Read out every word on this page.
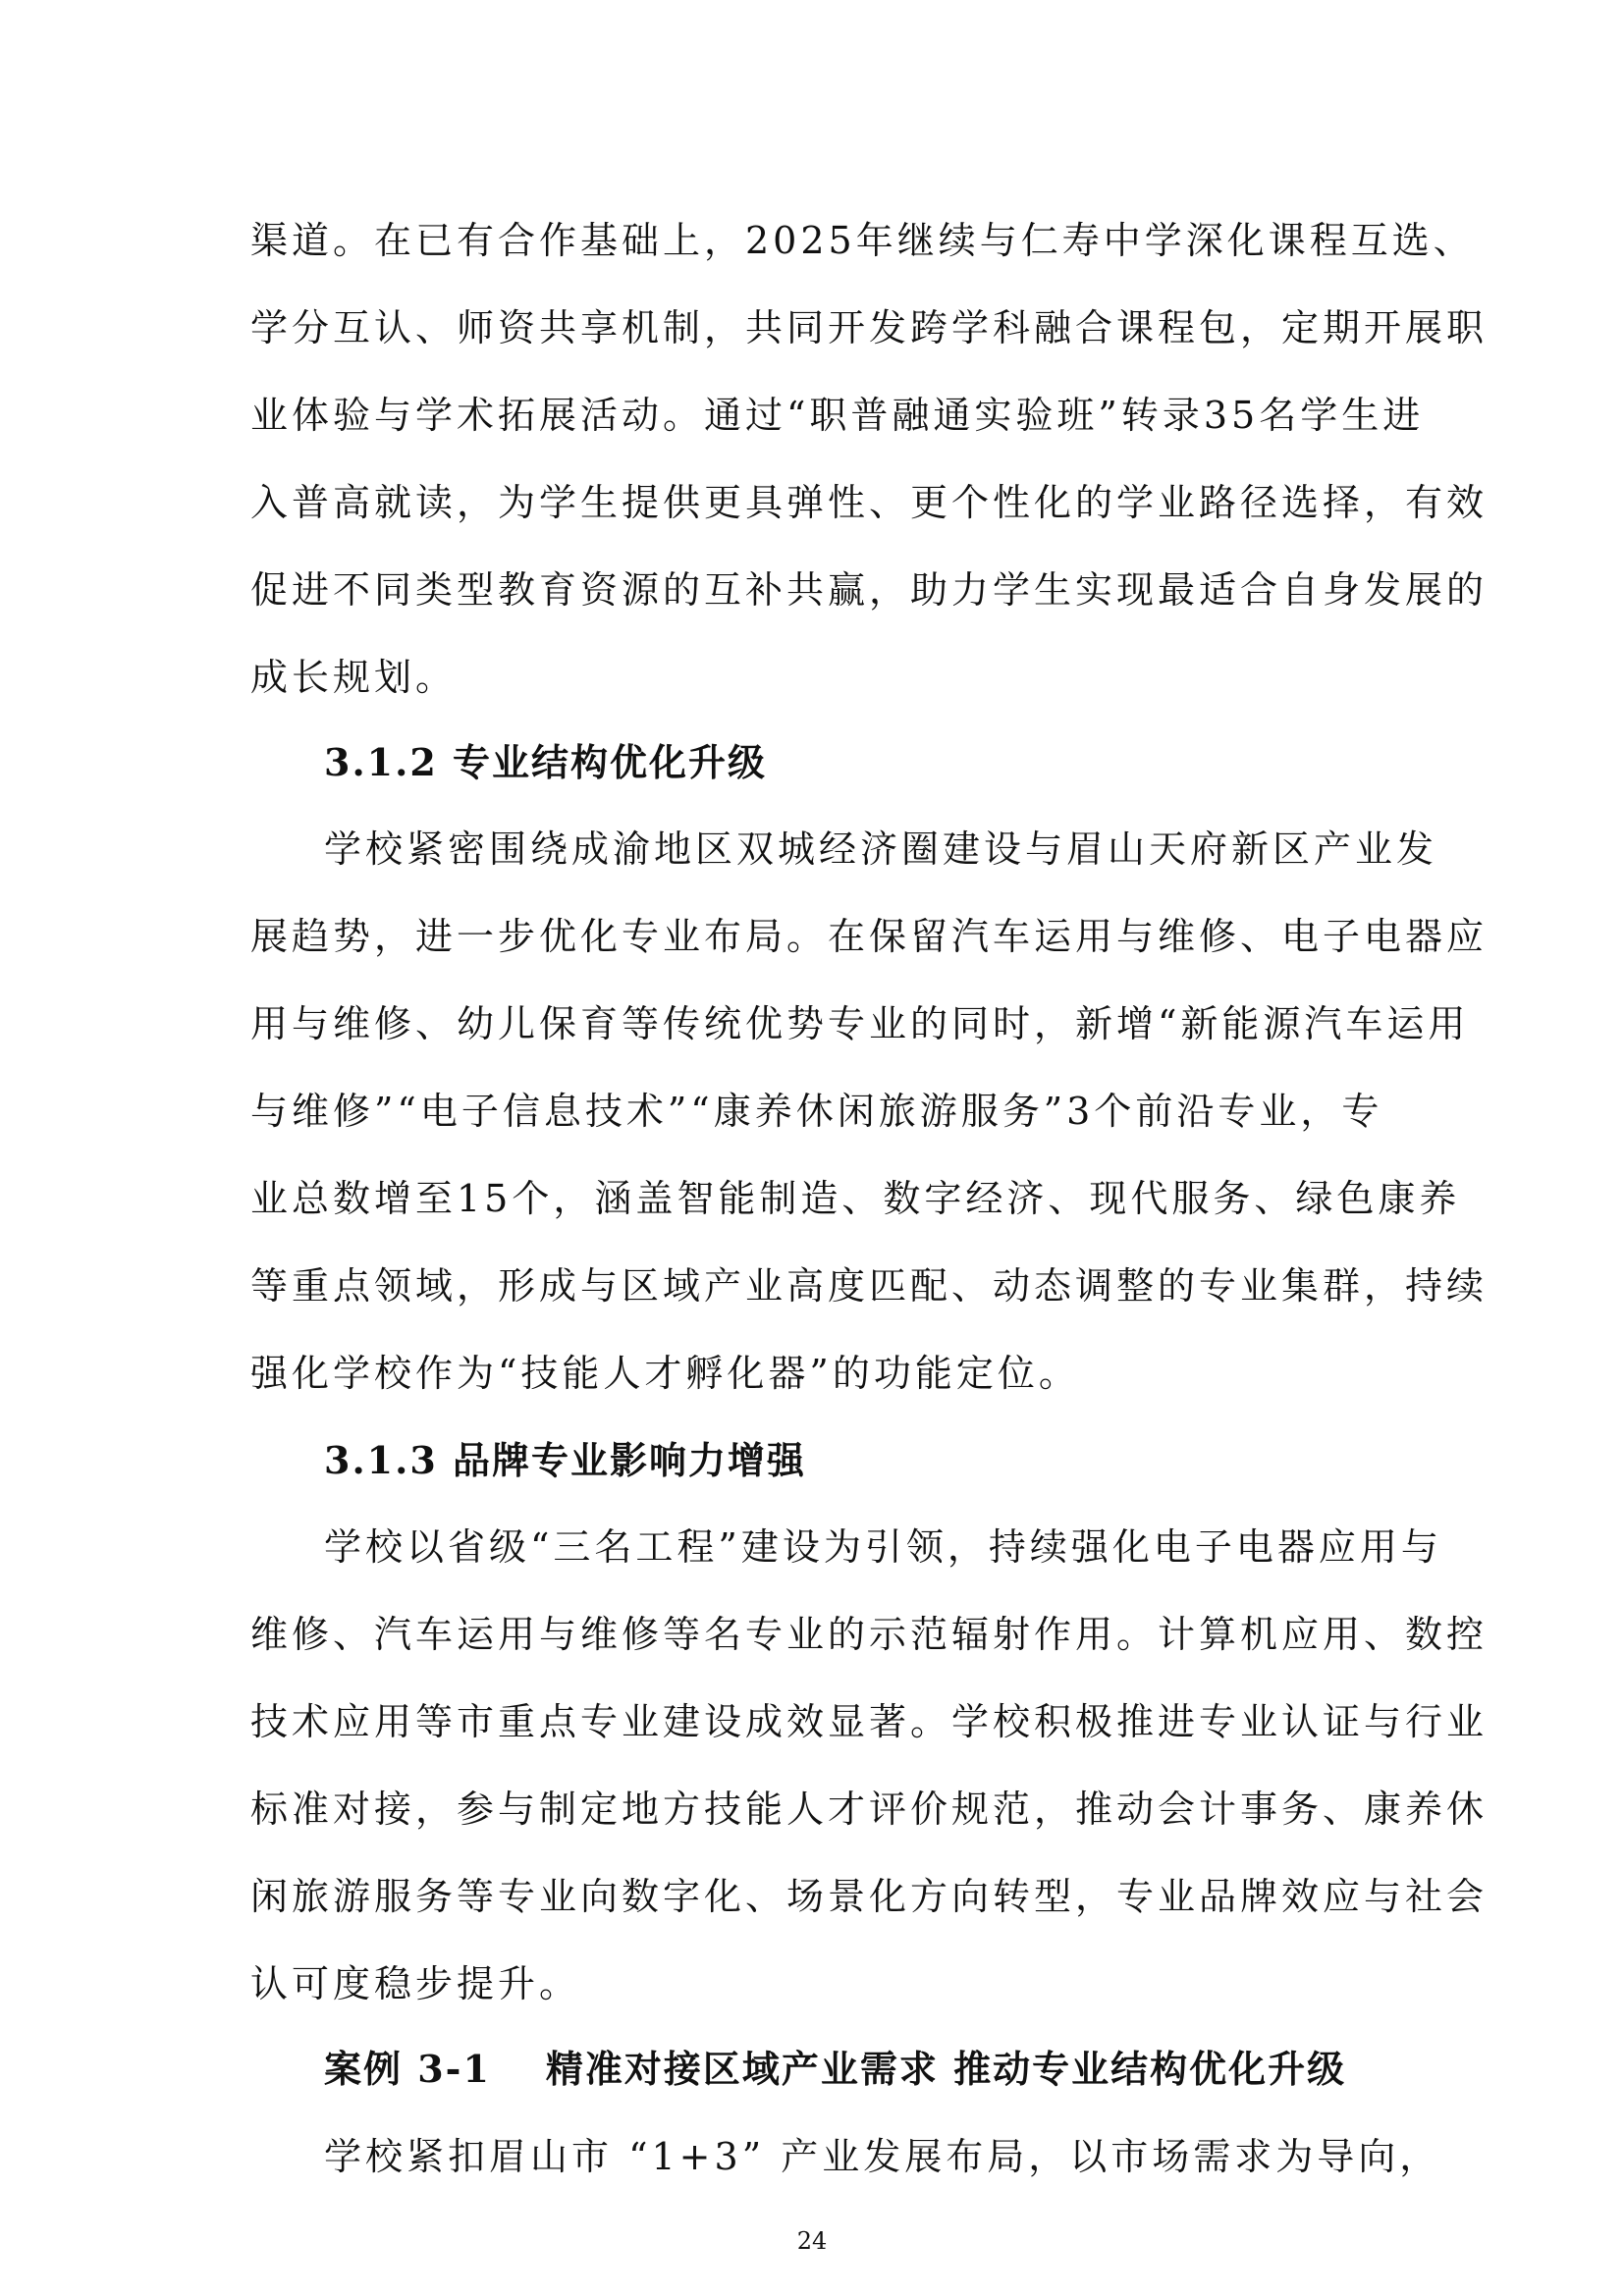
渠道。在已有合作基础上，2025年继续与仁寿中学深化课程互选、
学分互认、师资共享机制，共同开发跨学科融合课程包，定期开展职
业体验与学术拓展活动。通过“职普融通实验班”转录35名学生进
入普高就读，为学生提供更具弹性、更个性化的学业路径选择，有效
促进不同类型教育资源的互补共赢，助力学生实现最适合自身发展的
成长规划。
3.1.2 专业结构优化升级
学校紧密围绕成渝地区双城经济圈建设与眉山天府新区产业发
展趋势，进一步优化专业布局。在保留汽车运用与维修、电子电器应
用与维修、幼儿保育等传统优势专业的同时，新增“新能源汽车运用
与维修”“电子信息技术”“康养休闲旅游服务”3个前沿专业，专
业总数增至15个，涵盖智能制造、数字经济、现代服务、绿色康养
等重点领域，形成与区域产业高度匹配、动态调整的专业集群，持续
强化学校作为“技能人才孵化器”的功能定位。
3.1.3 品牌专业影响力增强
学校以省级“三名工程”建设为引领，持续强化电子电器应用与
维修、汽车运用与维修等名专业的示范辐射作用。计算机应用、数控
技术应用等市重点专业建设成效显著。学校积极推进专业认证与行业
标准对接，参与制定地方技能人才评价规范，推动会计事务、康养休
闲旅游服务等专业向数字化、场景化方向转型，专业品牌效应与社会
认可度稳步提升。
案例 3-1 精准对接区域产业需求 推动专业结构优化升级
学校紧扣眉山市 “1+3” 产业发展布局，以市场需求为导向，
24
